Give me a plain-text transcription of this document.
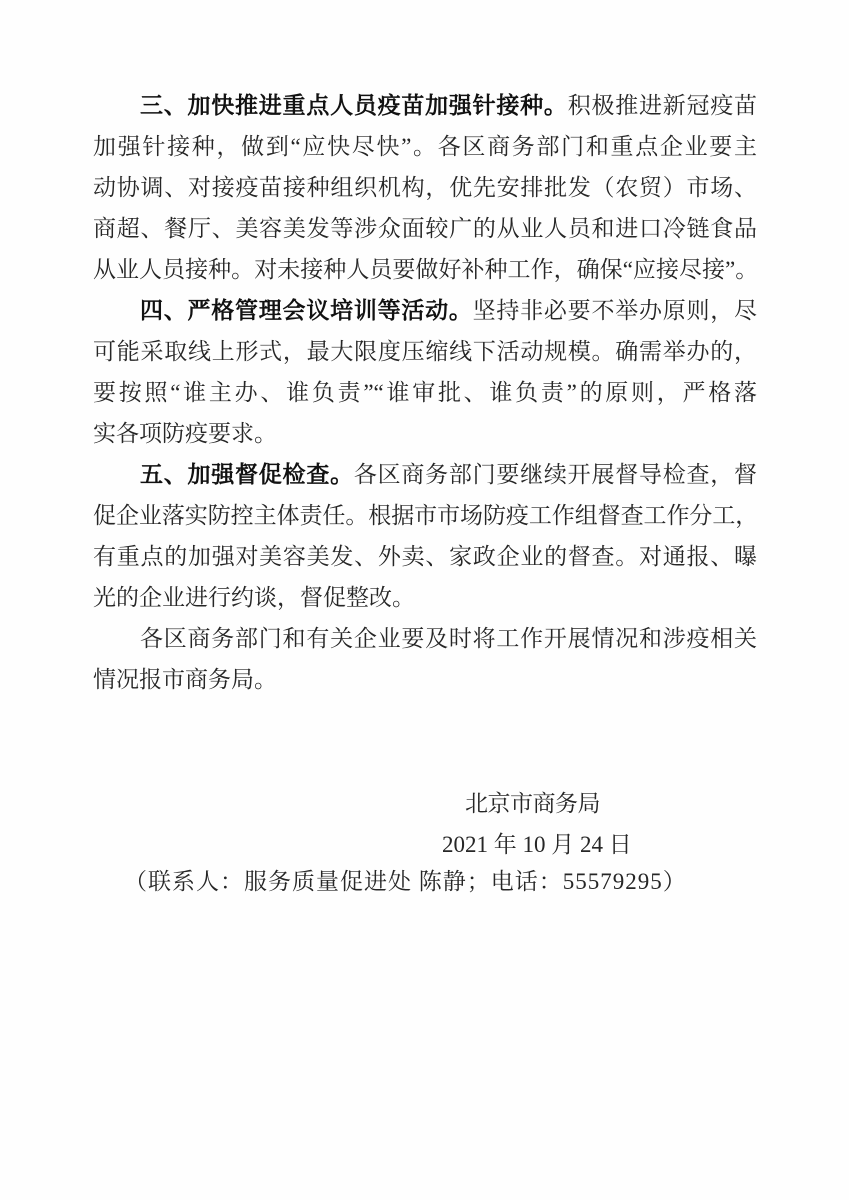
三、加快推进重点人员疫苗加强针接种。积极推进新冠疫苗
加强针接种，做到“应快尽快”。各区商务部门和重点企业要主
动协调、对接疫苗接种组织机构，优先安排批发（农贸）市场、
商超、餐厅、美容美发等涉众面较广的从业人员和进口冷链食品
从业人员接种。对未接种人员要做好补种工作，确保“应接尽接”。
四、严格管理会议培训等活动。坚持非必要不举办原则，尽
可能采取线上形式，最大限度压缩线下活动规模。确需举办的，
要按照“谁主办、谁负责”“谁审批、谁负责”的原则，严格落
实各项防疫要求。
五、加强督促检查。各区商务部门要继续开展督导检查，督
促企业落实防控主体责任。根据市市场防疫工作组督查工作分工，
有重点的加强对美容美发、外卖、家政企业的督查。对通报、曝
光的企业进行约谈，督促整改。
各区商务部门和有关企业要及时将工作开展情况和涉疫相关
情况报市商务局。
北京市商务局
2021 年 10 月 24 日
（联系人：服务质量促进处 陈静；电话：55579295）
